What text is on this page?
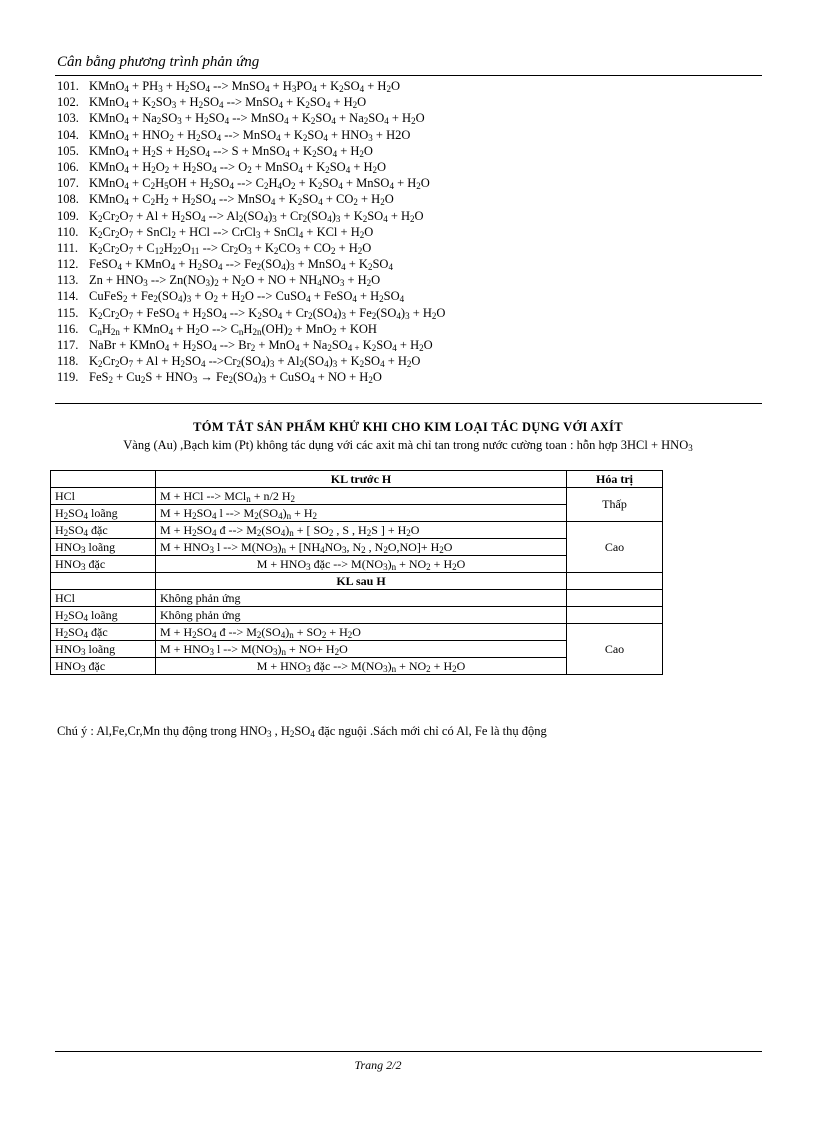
Cân bằng phương trình phản ứng
101. KMnO$_4$ + $PH_3 + H_2SO_4$ --> MnSO$_4$ + $H_3PO_4 + K_2SO_4 + H_2O$
102. KMnO$_4$ + $K_2SO_3 + H_2SO_4$ --> MnSO$_4$ + $K_2SO_4 + H_2O$
103. KMnO$_4$ + $Na_2SO_3 + H_2SO_4$ --> MnSO$_4$ + $K_2SO_4 + Na_2SO_4 + H_2O$
104. KMnO$_4$ + $HNO_2 + H_2SO_4$ --> MnSO$_4$ + $K_2SO_4 + HNO_3 + H2O$
105. KMnO$_4$ + $H_2S + H_2SO_4$ --> S + MnSO$_4$ + $K_2SO_4 + H_2O$
106. KMnO$_4$ + $H_2O_2 + H_2SO_4$ --> $O_2$ + MnSO$_4$ + $K_2SO_4 + H_2O$
107. KMnO$_4$ + $C_2H_5OH + H_2SO_4$ --> $C_2H_4O_2 + K_2SO_4$ + MnSO$_4$ + $H_2O$
108. KMnO$_4$ + $C_2H_2 + H_2SO_4$ --> MnSO$_4$ + $K_2SO_4 + CO_2 + H_2O$
109. $K_2Cr_2O_7 + Al + H_2SO_4$ --> $Al_2(SO_4)_3 + Cr_2(SO_4)_3 + K_2SO_4 + H_2O$
110. $K_2Cr_2O_7$ + SnCl$_2$ + HCl --> CrCl$_3$ + SnCl$_4$ + KCl + $H_2O$
111. $K_2Cr_2O_7 + C_{12}H_{22}O_{11}$ --> $Cr_2O_3 + K_2CO_3 + CO_2 + H_2O$
112. FeSO$_4$ + KMnO$_4$ + $H_2SO_4$ --> $Fe_2(SO_4)_3$ + MnSO$_4$ + $K_2SO_4$
113. $Zn + HNO_3$ --> $Zn(NO_3)_2 + N_2O$ + NO + $NH_4NO_3 + H_2O$
114. CuFeS$_2$ + $Fe_2(SO_4)_3 + O_2 + H_2O$ --> CuSO$_4$ + FeSO$_4$ + $H_2SO_4$
115. $K_2Cr_2O_7$ + FeSO$_4$ + $H_2SO_4$ --> $K_2SO_4 + Cr_2(SO_4)_3 + Fe_2(SO_4)_3 + H_2O$
116. $C_nH_{2n}$ + KMnO$_4$ + $H_2O$ --> $C_nH_{2n}(OH)_2 + MnO_2$ + KOH
117. NaBr + KMnO$_4$ + $H_2SO_4$ --> $Br_2 + MnO_4 + Na_2SO_{4 +}$ $K_2SO_4 + H_2O$
118. $K_2Cr_2O_7 + Al + H_2SO_4$ $-->Cr_2(SO_4)_3 + Al_2(SO_4)_3 + K_2SO_4 + H_2O$
119. $FeS_2 + Cu_2S + HNO_3 \to Fe_2(SO_4)_3$ + CuSO$_4$ + NO + $H_2O$
TÓM TẮT SẢN PHẨM KHỬ KHI CHO KIM LOẠI TÁC DỤNG VỚI AXÍT
Vàng (Au) ,Bạch kim (Pt) không tác dụng với các axit mà chỉ tan trong nước cường toan : hỗn hợp $3HCl + HNO_3$
	KL trước H	Hóa trị
HCl	M + HCl --> MCl$_n$ + n/2 $H_2$	Thấp
$H_2SO_4$ loãng	$M + H_2SO_4$ l --> $M_2(SO_4)_n + H_2$
$H_2SO_4$ đặc	$M + H_2SO_4$ đ --> $M_2(SO_4)_n$ + [ $SO_2$ , S , $H_2S$ ] + $H_2O$	Cao
$HNO_3$ loãng	$M + HNO_3$ l --> $M(NO_3)_n + [NH_4NO_3$, $N_2$ , $N_2O,NO]+ H_2O$	
$HNO_3$ đặc	$M + HNO_3$ đặc --> $M(NO_3)_n + NO_2 + H_2O$	
	KL sau H	
HCl	Không phản ứng	
$H_2SO_4$ loãng	Không phản ứng	
$H_2SO_4$ đặc	$M + H_2SO_4$ đ --> $M_2(SO_4)_n + SO_2 + H_2O$	Cao
$HNO_3$ loãng	$M + HNO_3$ l --> $M(NO_3)_n + NO+ H_2O$	
$HNO_3$ đặc	$M + HNO_3$ đặc --> $M(NO_3)_n + NO_2 + H_2O$	
Chú ý : Al,Fe,Cr,Mn thụ động trong $HNO_3$ , $H_2SO_4$ đặc nguội .Sách mới chỉ có Al, Fe là thụ động
Trang 2/2
